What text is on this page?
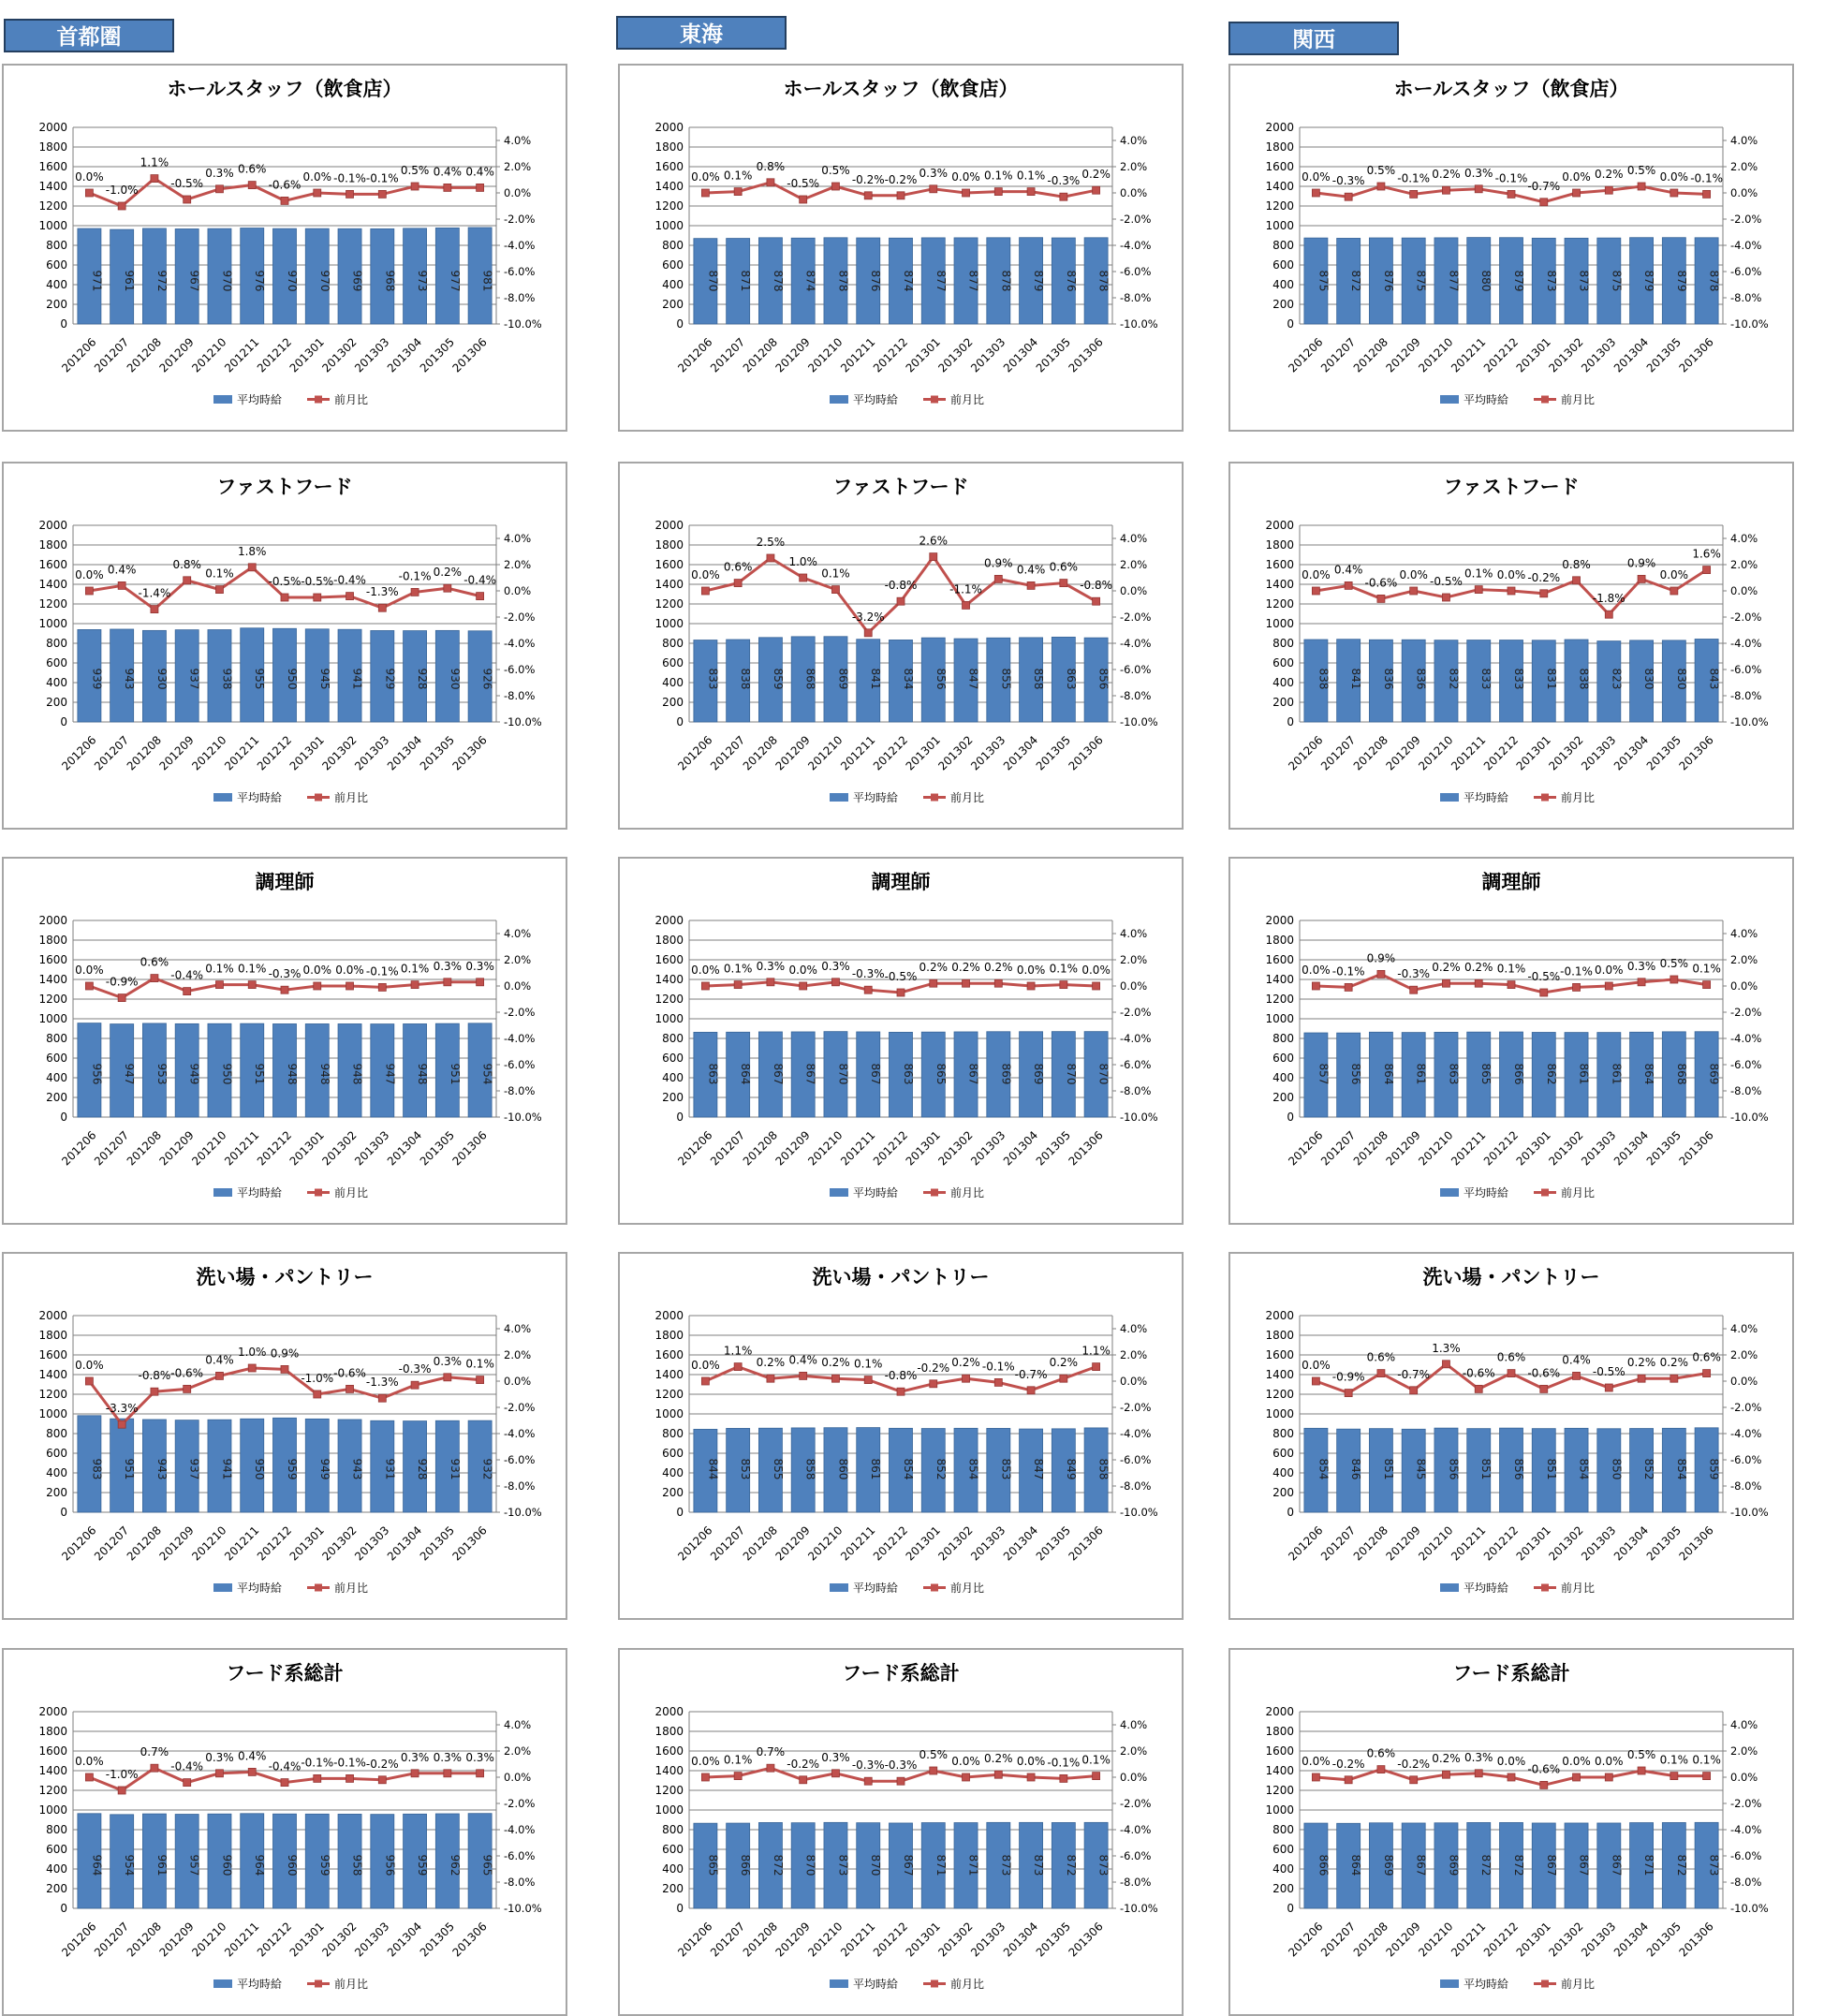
首都圏	東海	関西
ホールスタッフ（飲食店）
0
200
400
600
800
1000
1200
1400
1600
1800
2000
-10.0%
-8.0%
-6.0%
-4.0%
-2.0%
0.0%
2.0%
4.0%
971 961 972 967 970 976 970 970 969 968 973 977 981
201206
201207
201208
201209
201210
201211
201212
201301
201302
201303
201304
201305
201306
0.0%
-1.0%
1.1%
-0.5%
0.3% 0.6%
-0.6%
0.0% -0.1% -0.1%
0.5% 0.4% 0.4%
平均時給	前月比
ホールスタッフ（飲食店）
0
200
400
600
800
1000
1200
1400
1600
1800
2000
-10.0%
-8.0%
-6.0%
-4.0%
-2.0%
0.0%
2.0%
4.0%
870 871 878 874 878 876 874 877 877 878 879 876 878
201206
201207
201208
201209
201210
201211
201212
201301
201302
201303
201304
201305
201306
0.0% 0.1%
0.8%
-0.5%
0.5%
-0.2% -0.2% 0.3% 0.0% 0.1% 0.1% -0.3% 0.2%
平均時給	前月比
ホールスタッフ（飲食店）
0
200
400
600
800
1000
1200
1400
1600
1800
2000
-10.0%
-8.0%
-6.0%
-4.0%
-2.0%
0.0%
2.0%
4.0%
875 872 876 875 877 880 879 873 873 875 879 879 878
201206
201207
201208
201209
201210
201211
201212
201301
201302
201303
201304
201305
201306
0.0% -0.3%
0.5%
-0.1% 0.2% 0.3% -0.1%
-0.7%
0.0% 0.2% 0.5% 0.0% -0.1%
平均時給	前月比
ファストフード
0
200
400
600
800
1000
1200
1400
1600
1800
2000
-10.0%
-8.0%
-6.0%
-4.0%
-2.0%
0.0%
2.0%
4.0%
939 943 930 937 938 955 950 945 941 929 928 930 926
201206
201207
201208
201209
201210
201211
201212
201301
201302
201303
201304
201305
201306
0.0% 0.4%
-1.4%
0.8%
0.1%
1.8%
-0.5% -0.5% -0.4%
-1.3%
-0.1% 0.2%
-0.4%
平均時給	前月比
ファストフード
0
200
400
600
800
1000
1200
1400
1600
1800
2000
-10.0%
-8.0%
-6.0%
-4.0%
-2.0%
0.0%
2.0%
4.0%
833 838 859 868 869 841 834 856 847 855 858 863 856
201206
201207
201208
201209
201210
201211
201212
201301
201302
201303
201304
201305
201306
0.0%
0.6%
2.5%
1.0%
0.1%
-3.2%
-0.8%
2.6%
-1.1%
0.9% 0.4% 0.6%
-0.8%
平均時給	前月比
ファストフード
0
200
400
600
800
1000
1200
1400
1600
1800
2000
-10.0%
-8.0%
-6.0%
-4.0%
-2.0%
0.0%
2.0%
4.0%
838 841 836 836 832 833 833 831 838 823 830 830 843
201206
201207
201208
201209
201210
201211
201212
201301
201302
201303
201304
201305
201306
0.0% 0.4%
-0.6%
0.0% -0.5%
0.1% 0.0% -0.2%
0.8%
-1.8%
0.9%
0.0%
1.6%
平均時給	前月比
調理師
0
200
400
600
800
1000
1200
1400
1600
1800
2000
-10.0%
-8.0%
-6.0%
-4.0%
-2.0%
0.0%
2.0%
4.0%
956 947 953 949 950 951 948 948 948 947 948 951 954
201206
201207
201208
201209
201210
201211
201212
201301
201302
201303
201304
201305
201306
0.0%
-0.9%
0.6%
-0.4% 0.1% 0.1% -0.3% 0.0% 0.0% -0.1% 0.1% 0.3% 0.3%
平均時給	前月比
調理師
0
200
400
600
800
1000
1200
1400
1600
1800
2000
-10.0%
-8.0%
-6.0%
-4.0%
-2.0%
0.0%
2.0%
4.0%
863 864 867 867 870 867 863 865 867 869 869 870 870
201206
201207
201208
201209
201210
201211
201212
201301
201302
201303
201304
201305
201306
0.0% 0.1% 0.3% 0.0% 0.3%
-0.3% -0.5%
0.2% 0.2% 0.2% 0.0% 0.1% 0.0%
平均時給	前月比
調理師
0
200
400
600
800
1000
1200
1400
1600
1800
2000
-10.0%
-8.0%
-6.0%
-4.0%
-2.0%
0.0%
2.0%
4.0%
857 856 864 861 863 865 866 862 861 861 864 868 869
201206
201207
201208
201209
201210
201211
201212
201301
201302
201303
201304
201305
201306
0.0% -0.1%
0.9%
-0.3% 0.2% 0.2% 0.1%
-0.5% -0.1% 0.0% 0.3% 0.5% 0.1%
平均時給	前月比
洗い場・パントリー
0
200
400
600
800
1000
1200
1400
1600
1800
2000
-10.0%
-8.0%
-6.0%
-4.0%
-2.0%
0.0%
2.0%
4.0%
983 951 943 937 941 950 959 949 943 931 928 931 932
201206
201207
201208
201209
201210
201211
201212
201301
201302
201303
201304
201305
201306
0.0%
-3.3%
-0.8% -0.6%
0.4%
1.0% 0.9%
-1.0% -0.6%
-1.3%
-0.3%
0.3% 0.1%
平均時給	前月比
洗い場・パントリー
0
200
400
600
800
1000
1200
1400
1600
1800
2000
-10.0%
-8.0%
-6.0%
-4.0%
-2.0%
0.0%
2.0%
4.0%
844 853 855 858 860 861 854 852 854 853 847 849 858
201206
201207
201208
201209
201210
201211
201212
201301
201302
201303
201304
201305
201306
0.0%
1.1%
0.2% 0.4% 0.2% 0.1%
-0.8%
-0.2% 0.2% -0.1%
-0.7%
0.2%
1.1%
平均時給	前月比
洗い場・パントリー
0
200
400
600
800
1000
1200
1400
1600
1800
2000
-10.0%
-8.0%
-6.0%
-4.0%
-2.0%
0.0%
2.0%
4.0%
854 846 851 845 856 851 856 851 854 850 852 854 859
201206
201207
201208
201209
201210
201211
201212
201301
201302
201303
201304
201305
201306
0.0%
-0.9%
0.6%
-0.7%
1.3%
-0.6%
0.6%
-0.6%
0.4%
-0.5%
0.2% 0.2% 0.6%
平均時給	前月比
フード系総計
0
200
400
600
800
1000
1200
1400
1600
1800
2000
-10.0%
-8.0%
-6.0%
-4.0%
-2.0%
0.0%
2.0%
4.0%
964 954 961 957 960 964 960 959 958 956 959 962 965
201206
201207
201208
201209
201210
201211
201212
201301
201302
201303
201304
201305
201306
0.0%
-1.0%
0.7%
-0.4%
0.3% 0.4%
-0.4% -0.1% -0.1% -0.2% 0.3% 0.3% 0.3%
平均時給	前月比
フード系総計
0
200
400
600
800
1000
1200
1400
1600
1800
2000
-10.0%
-8.0%
-6.0%
-4.0%
-2.0%
0.0%
2.0%
4.0%
865 866 872 870 873 870 867 871 871 873 873 872 873
201206
201207
201208
201209
201210
201211
201212
201301
201302
201303
201304
201305
201306
0.0% 0.1%
0.7%
-0.2% 0.3%
-0.3% -0.3%
0.5% 0.0% 0.2% 0.0% -0.1% 0.1%
平均時給	前月比
フード系総計
0
200
400
600
800
1000
1200
1400
1600
1800
2000
-10.0%
-8.0%
-6.0%
-4.0%
-2.0%
0.0%
2.0%
4.0%
866 864 869 867 869 872 872 867 867 867 871 872 873
201206
201207
201208
201209
201210
201211
201212
201301
201302
201303
201304
201305
201306
0.0% -0.2%
0.6%
-0.2% 0.2% 0.3% 0.0%
-0.6%
0.0% 0.0% 0.5% 0.1% 0.1%
平均時給	前月比
